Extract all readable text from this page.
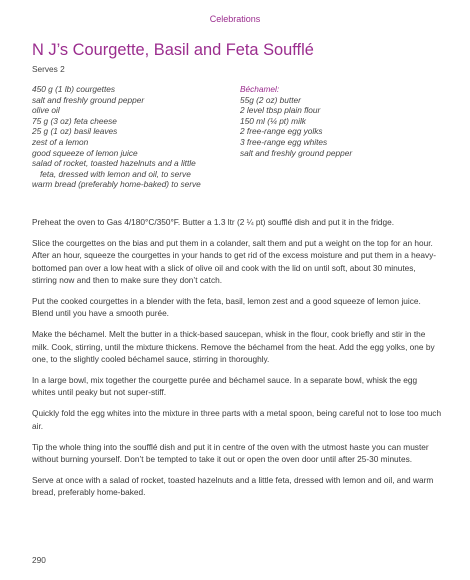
Celebrations
N J’s Courgette, Basil and Feta Soufflé
Serves 2
450 g (1 lb) courgettes
salt and freshly ground pepper
olive oil
75 g (3 oz) feta cheese
25 g (1 oz) basil leaves
zest of a lemon
good squeeze of lemon juice
salad of rocket, toasted hazelnuts and a little
feta, dressed with lemon and oil, to serve
warm bread (preferably home-baked) to serve
Béchamel:
55g (2 oz) butter
2 level tbsp plain flour
150 ml (¼ pt) milk
2 free-range egg yolks
3 free-range egg whites
salt and freshly ground pepper

Preheat the oven to Gas 4/180°C/350°F. Butter a 1.3 ltr (2 ¼ pt) soufflé dish and put it in the fridge.

Slice the courgettes on the bias and put them in a colander, salt them and put a weight on the top for an hour. After an hour, squeeze the courgettes in your hands to get rid of the excess moisture and put them in a heavy-bottomed pan over a low heat with a slick of olive oil and cook with the lid on until soft, about 30 minutes, stirring now and then to make sure they don’t catch.

Put the cooked courgettes in a blender with the feta, basil, lemon zest and a good squeeze of lemon juice. Blend until you have a smooth purée.

Make the béchamel. Melt the butter in a thick-based saucepan, whisk in the flour, cook briefly and stir in the milk. Cook, stirring, until the mixture thickens. Remove the béchamel from the heat. Add the egg yolks, one by one, to the slightly cooled béchamel sauce, stirring in thoroughly.

In a large bowl, mix together the courgette purée and béchamel sauce. In a separate bowl, whisk the egg whites until peaky but not super-stiff.

Quickly fold the egg whites into the mixture in three parts with a metal spoon, being careful not to lose too much air.

Tip the whole thing into the soufflé dish and put it in centre of the oven with the utmost haste you can muster without burning yourself. Don’t be tempted to take it out or open the oven door until after 25-30 minutes.

Serve at once with a salad of rocket, toasted hazelnuts and a little feta, dressed with lemon and oil, and warm bread, preferably home-baked.

290
